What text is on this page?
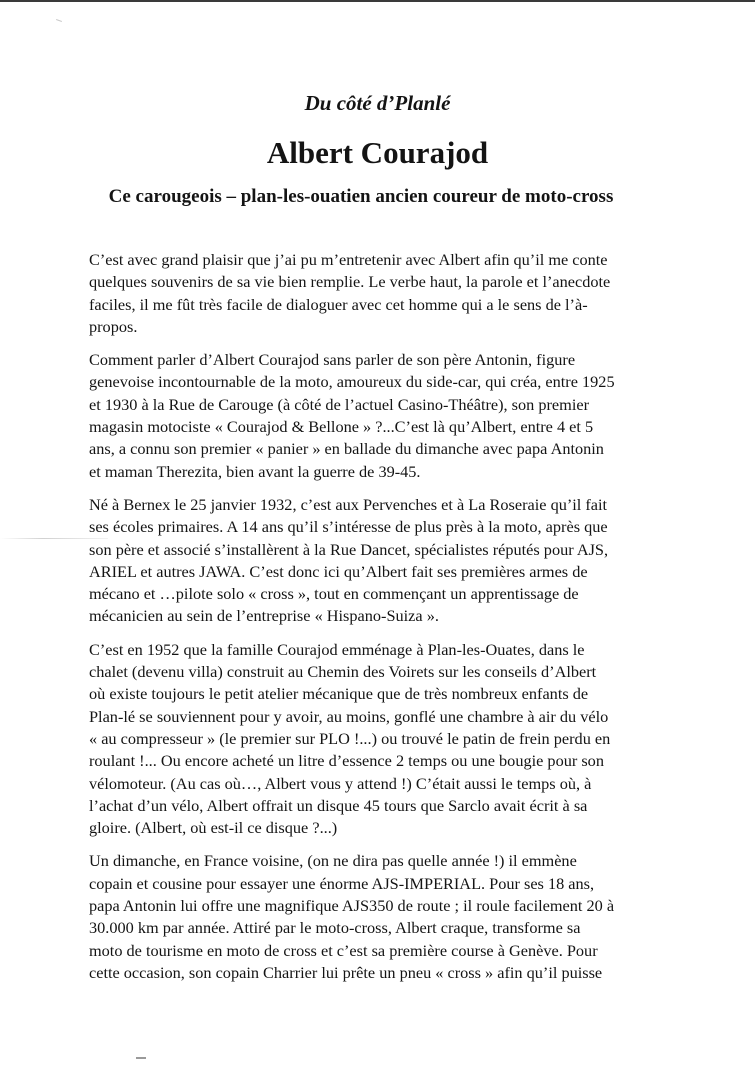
Du côté d’Planlé
Albert Courajod
Ce carougeois – plan-les-ouatien ancien coureur de moto-cross
C’est avec grand plaisir que j’ai pu m’entretenir avec Albert afin qu’il me conte
quelques souvenirs de sa vie bien remplie. Le verbe haut, la parole et l’anecdote
faciles, il me fût très facile de dialoguer avec cet homme qui a le sens de l’à-
propos.
Comment parler d’Albert Courajod sans parler de son père Antonin, figure
genevoise incontournable de la moto, amoureux du side-car, qui créa, entre 1925
et 1930 à la Rue de Carouge (à côté de l’actuel Casino-Théâtre), son premier
magasin motociste « Courajod & Bellone » ?...C’est là qu’Albert, entre 4 et 5
ans, a connu son premier « panier » en ballade du dimanche avec papa Antonin
et maman Therezita, bien avant la guerre de 39-45.
Né à Bernex le 25 janvier 1932, c’est aux Pervenches et à La Roseraie qu’il fait
ses écoles primaires. A 14 ans qu’il s’intéresse de plus près à la moto, après que
son père et associé s’installèrent à la Rue Dancet, spécialistes réputés pour AJS,
ARIEL et autres JAWA. C’est donc ici qu’Albert fait ses premières armes de
mécano et …pilote solo « cross », tout en commençant un apprentissage de
mécanicien au sein de l’entreprise « Hispano-Suiza ».
C’est en 1952 que la famille Courajod emménage à Plan-les-Ouates, dans le
chalet (devenu villa) construit au Chemin des Voirets sur les conseils d’Albert
où existe toujours le petit atelier mécanique que de très nombreux enfants de
Plan-lé se souviennent pour y avoir, au moins, gonflé une chambre à air du vélo
« au compresseur » (le premier sur PLO !...) ou trouvé le patin de frein perdu en
roulant !... Ou encore acheté un litre d’essence 2 temps ou une bougie pour son
vélomoteur. (Au cas où…, Albert vous y attend !) C’était aussi le temps où, à
l’achat d’un vélo, Albert offrait un disque 45 tours que Sarclo avait écrit à sa
gloire. (Albert, où est-il ce disque ?...)
Un dimanche, en France voisine, (on ne dira pas quelle année !) il emmène
copain et cousine pour essayer une énorme AJS-IMPERIAL. Pour ses 18 ans,
papa Antonin lui offre une magnifique AJS350 de route ; il roule facilement 20 à
30.000 km par année. Attiré par le moto-cross, Albert craque, transforme sa
moto de tourisme en moto de cross et c’est sa première course à Genève. Pour
cette occasion, son copain Charrier lui prête un pneu « cross » afin qu’il puisse
